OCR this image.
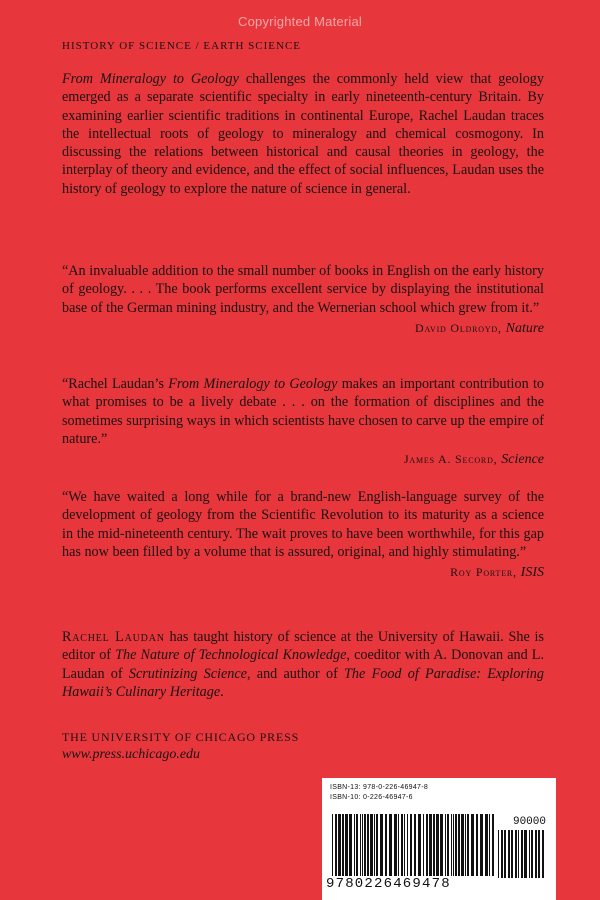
Copyrighted Material
HISTORY OF SCIENCE / EARTH SCIENCE
From Mineralogy to Geology challenges the commonly held view that geology emerged as a separate scientific specialty in early nineteenth-century Britain. By examining earlier scientific traditions in continental Europe, Rachel Laudan traces the intellectual roots of geology to mineralogy and chemical cosmogony. In discussing the relations between historical and causal theories in geology, the interplay of theory and evidence, and the effect of social influences, Laudan uses the history of geology to explore the nature of science in general.

“An invaluable addition to the small number of books in English on the early history of geology. . . . The book performs excellent service by displaying the institutional base of the German mining industry, and the Wernerian school which grew from it.”

David Oldroyd, Nature

“Rachel Laudan’s From Mineralogy to Geology makes an important contribution to what promises to be a lively debate . . . on the formation of disciplines and the sometimes surprising ways in which scientists have chosen to carve up the empire of nature.”

James A. Secord, Science

“We have waited a long while for a brand-new English-language survey of the development of geology from the Scientific Revolution to its maturity as a science in the mid-nineteenth century. The wait proves to have been worthwhile, for this gap has now been filled by a volume that is assured, original, and highly stimulating.”

Roy Porter, ISIS
Rachel Laudan has taught history of science at the University of Hawaii. She is editor of The Nature of Technological Knowledge, coeditor with A. Donovan and L. Laudan of Scrutinizing Science, and author of The Food of Paradise: Exploring Hawaii’s Culinary Heritage.
THE UNIVERSITY OF CHICAGO PRESS
www.press.uchicago.edu
ISBN-13: 978-0-226-46947-8
ISBN-10: 0-226-46947-6
90000
9780226469478
